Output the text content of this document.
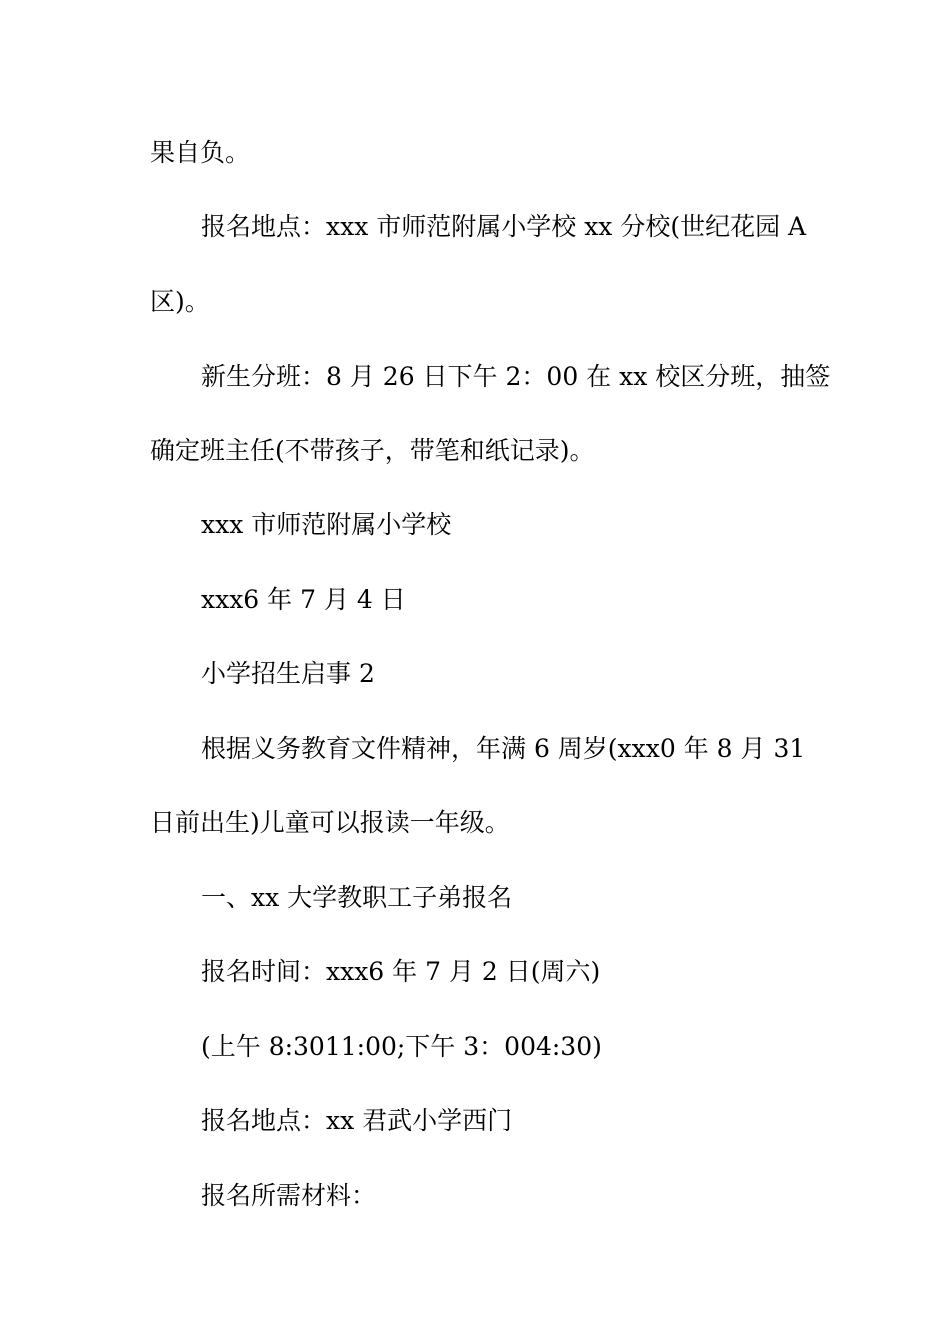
果自负。

报名地点：xxx 市师范附属小学校 xx 分校(世纪花园 A

区)。

新生分班：8 月 26 日下午 2：00 在 xx 校区分班，抽签

确定班主任(不带孩子，带笔和纸记录)。

xxx 市师范附属小学校

xxx6 年 7 月 4 日

小学招生启事 2

根据义务教育文件精神，年满 6 周岁(xxx0 年 8 月 31

日前出生)儿童可以报读一年级。

一、xx 大学教职工子弟报名

报名时间：xxx6 年 7 月 2 日(周六)

(上午 8:3011:00;下午 3：004:30)

报名地点：xx 君武小学西门

报名所需材料：
